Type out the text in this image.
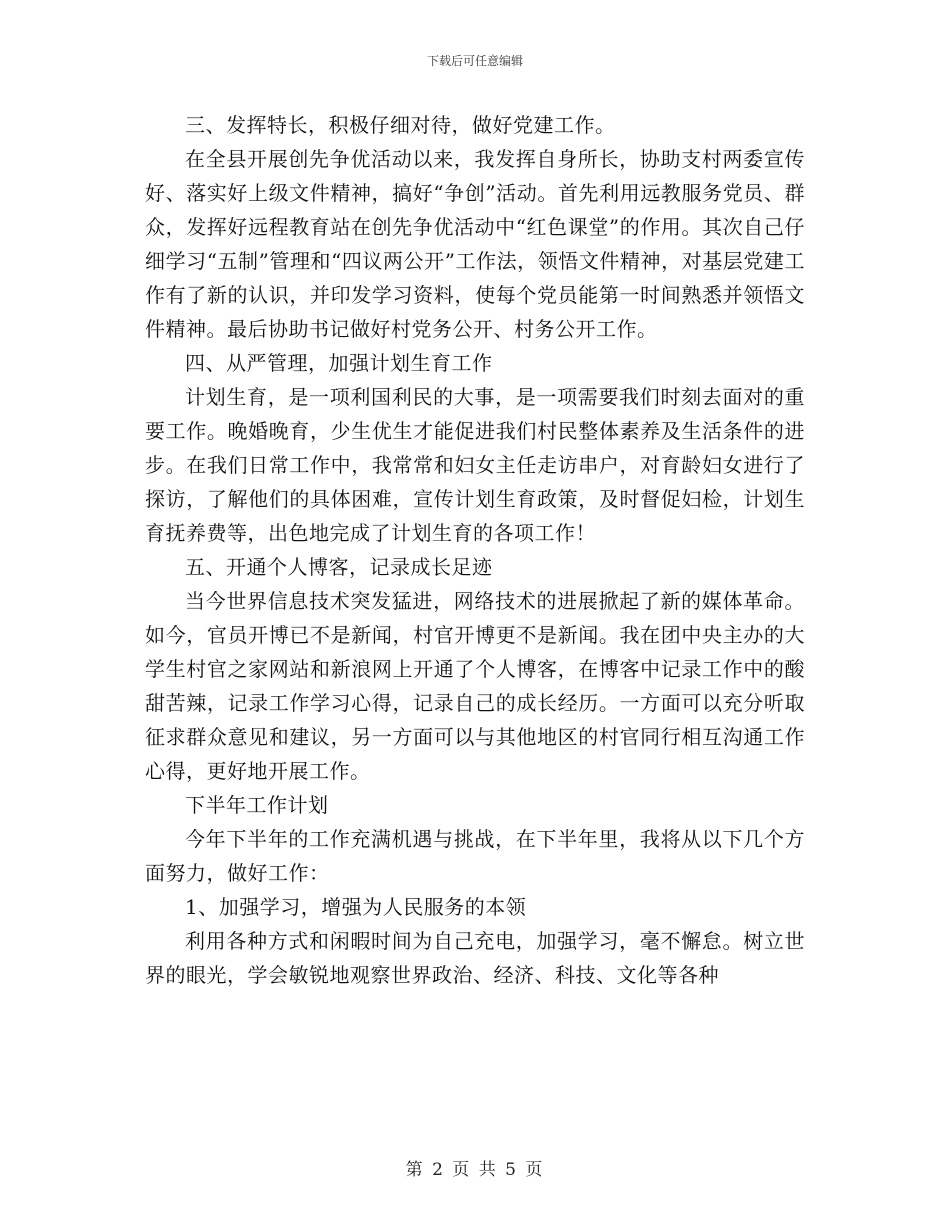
下载后可任意编辑

三、发挥特长，积极仔细对待，做好党建工作。

在全县开展创先争优活动以来，我发挥自身所长，协助支村两委宣传好、落实好上级文件精神，搞好“争创”活动。首先利用远教服务党员、群众，发挥好远程教育站在创先争优活动中“红色课堂”的作用。其次自己仔细学习“五制”管理和“四议两公开”工作法，领悟文件精神，对基层党建工作有了新的认识，并印发学习资料，使每个党员能第一时间熟悉并领悟文件精神。最后协助书记做好村党务公开、村务公开工作。

四、从严管理，加强计划生育工作

计划生育，是一项利国利民的大事，是一项需要我们时刻去面对的重要工作。晚婚晚育，少生优生才能促进我们村民整体素养及生活条件的进步。在我们日常工作中，我常常和妇女主任走访串户，对育龄妇女进行了探访，了解他们的具体困难，宣传计划生育政策，及时督促妇检，计划生育抚养费等，出色地完成了计划生育的各项工作！

五、开通个人博客，记录成长足迹

当今世界信息技术突发猛进，网络技术的进展掀起了新的媒体革命。如今，官员开博已不是新闻，村官开博更不是新闻。我在团中央主办的大学生村官之家网站和新浪网上开通了个人博客，在博客中记录工作中的酸甜苦辣，记录工作学习心得，记录自己的成长经历。一方面可以充分听取征求群众意见和建议，另一方面可以与其他地区的村官同行相互沟通工作心得，更好地开展工作。

下半年工作计划

今年下半年的工作充满机遇与挑战，在下半年里，我将从以下几个方面努力，做好工作：

1、加强学习，增强为人民服务的本领

利用各种方式和闲暇时间为自己充电，加强学习，毫不懈怠。树立世界的眼光，学会敏锐地观察世界政治、经济、科技、文化等各种

第 2 页 共 5 页
